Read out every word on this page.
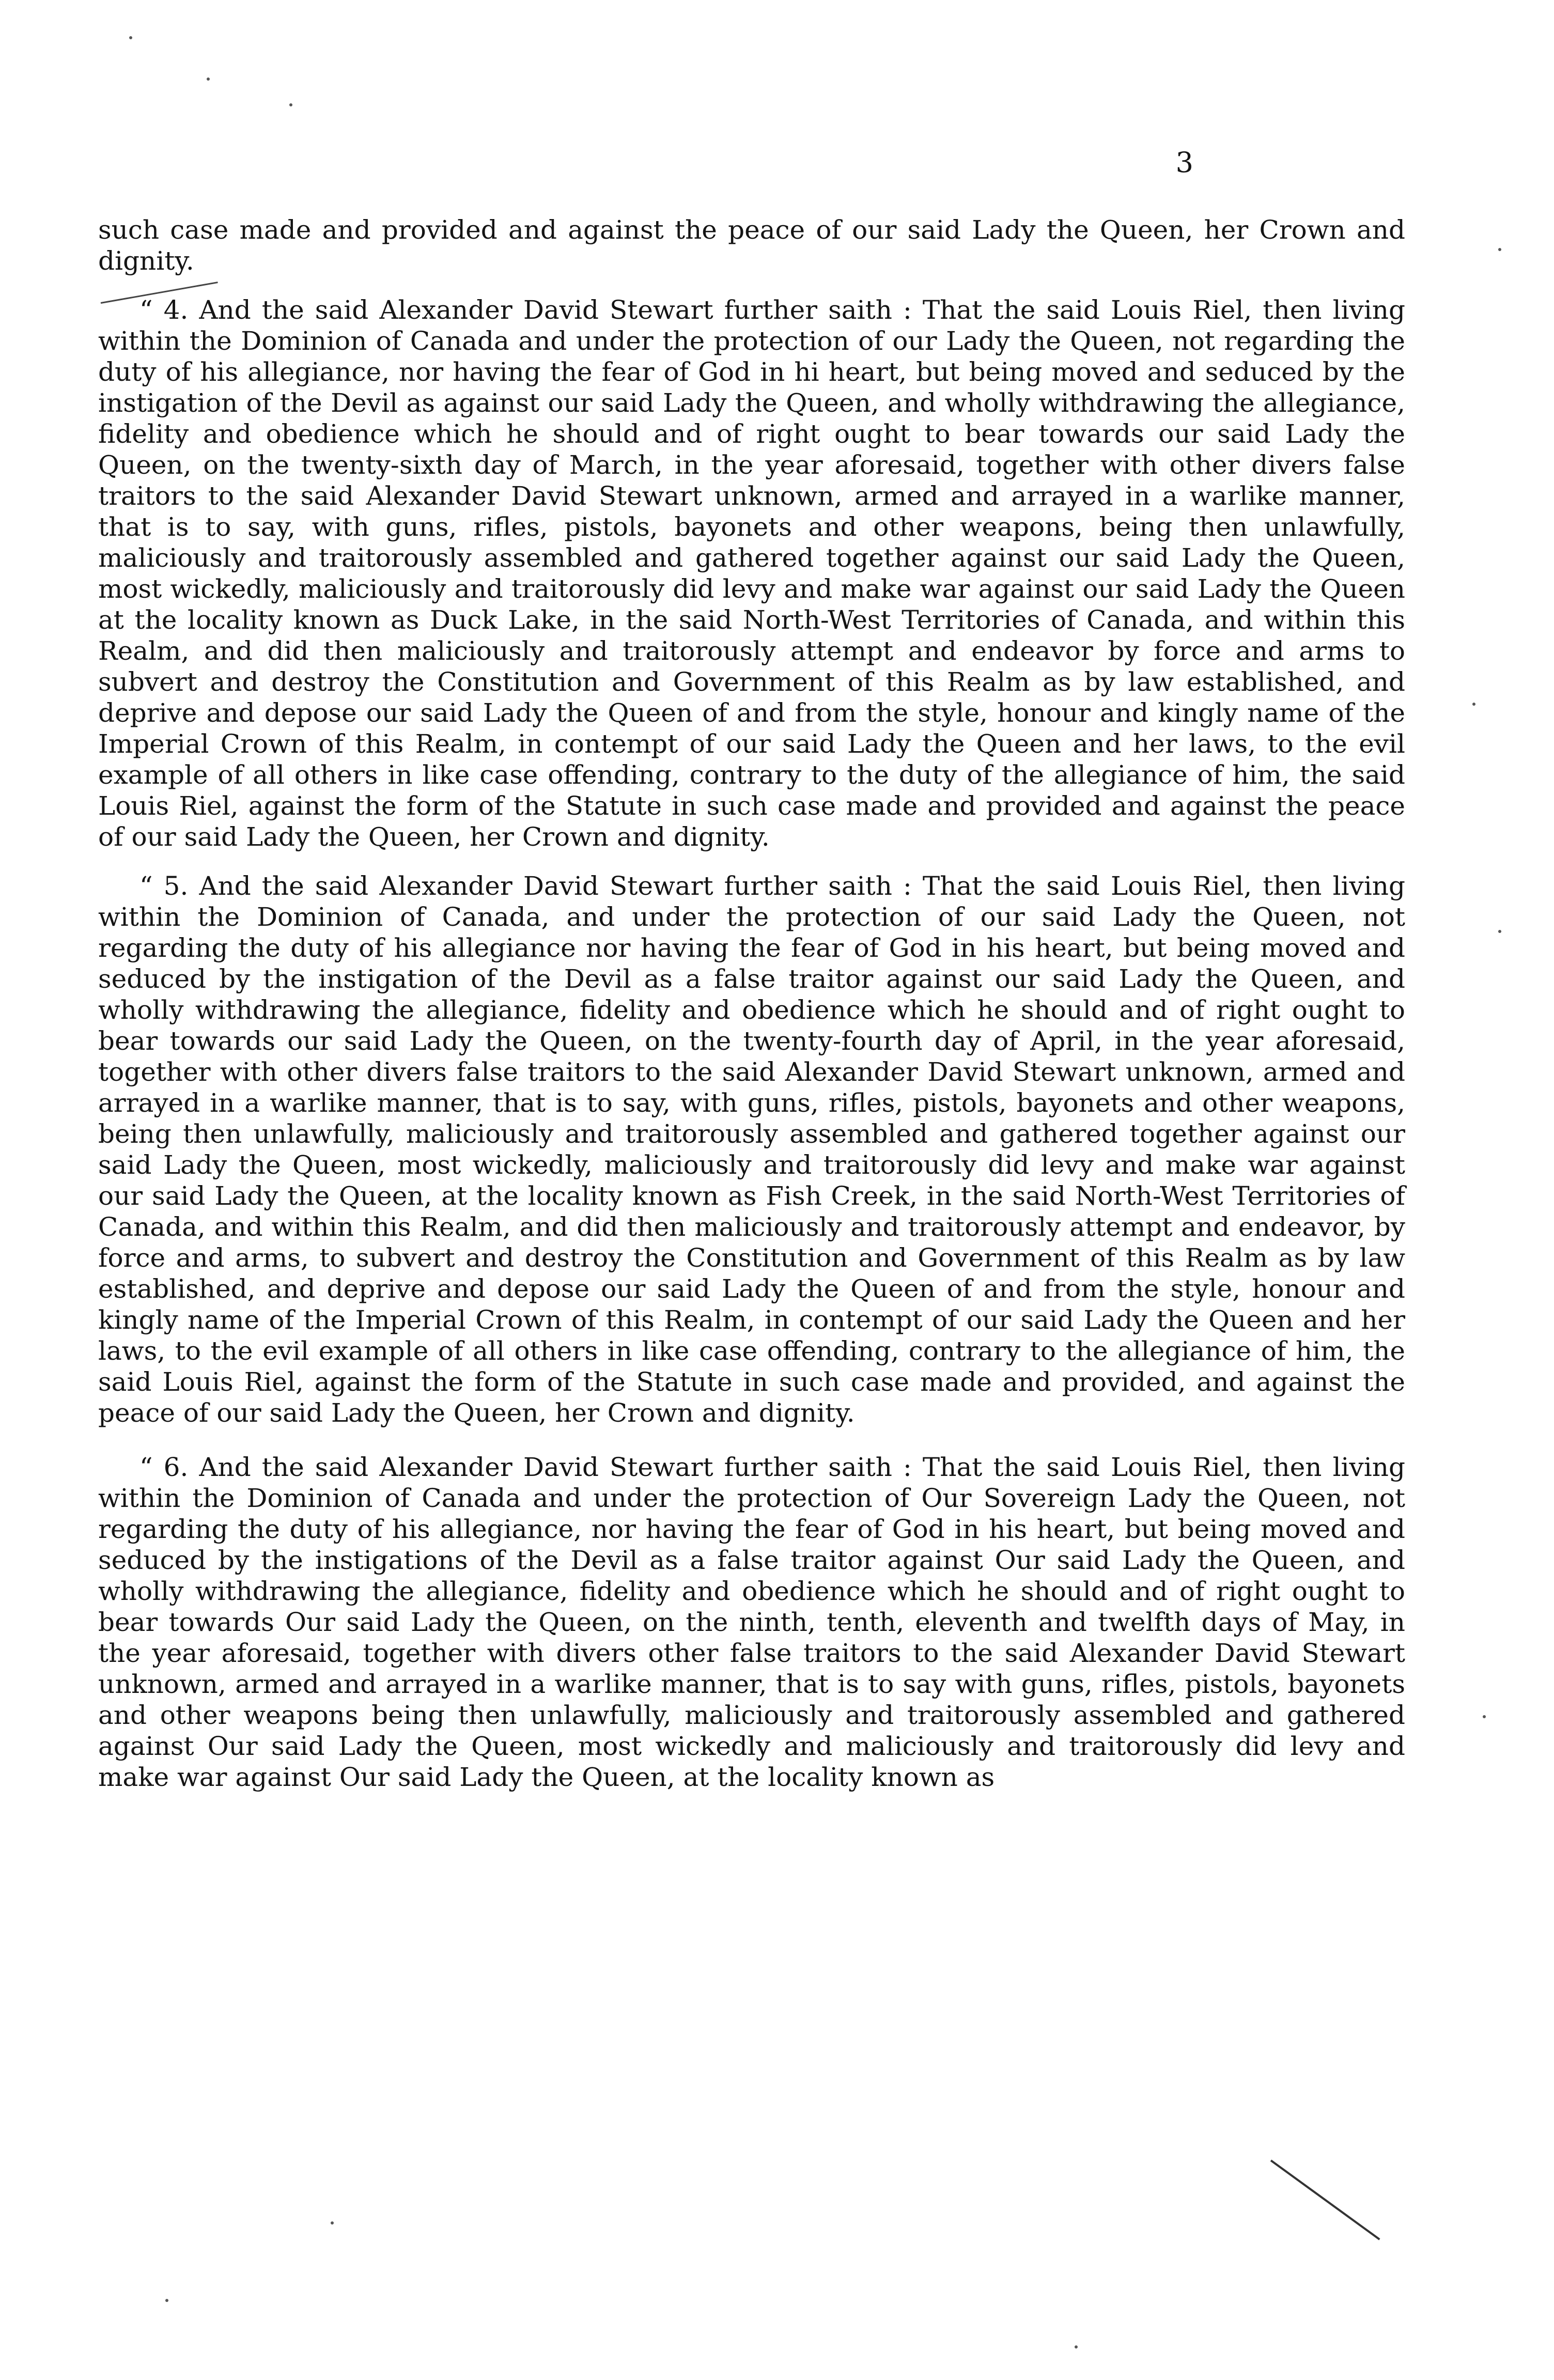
3

such case made and provided and against the peace of our said Lady the Queen, her Crown and dignity.

“ 4. And the said Alexander David Stewart further saith : That the said Louis Riel, then living within the Dominion of Canada and under the protection of our Lady the Queen, not regarding the duty of his allegiance, nor having the fear of God in hi heart, but being moved and seduced by the instigation of the Devil as against our said Lady the Queen, and wholly withdrawing the allegiance, fidelity and obedience which he should and of right ought to bear towards our said Lady the Queen, on the twenty-sixth day of March, in the year aforesaid, together with other divers false traitors to the said Alexander David Stewart unknown, armed and arrayed in a warlike manner, that is to say, with guns, rifles, pistols, bayonets and other weapons, being then unlawfully, maliciously and traitorously assembled and gathered together against our said Lady the Queen, most wickedly, maliciously and traitorously did levy and make war against our said Lady the Queen at the locality known as Duck Lake, in the said North-West Territories of Canada, and within this Realm, and did then maliciously and traitorously attempt and endeavor by force and arms to subvert and destroy the Constitution and Government of this Realm as by law established, and deprive and depose our said Lady the Queen of and from the style, honour and kingly name of the Imperial Crown of this Realm, in contempt of our said Lady the Queen and her laws, to the evil example of all others in like case offending, contrary to the duty of the allegiance of him, the said Louis Riel, against the form of the Statute in such case made and provided and against the peace of our said Lady the Queen, her Crown and dignity.

“ 5. And the said Alexander David Stewart further saith : That the said Louis Riel, then living within the Dominion of Canada, and under the protection of our said Lady the Queen, not regarding the duty of his allegiance nor having the fear of God in his heart, but being moved and seduced by the instigation of the Devil as a false traitor against our said Lady the Queen, and wholly withdrawing the allegiance, fidelity and obedience which he should and of right ought to bear towards our said Lady the Queen, on the twenty-fourth day of April, in the year aforesaid, together with other divers false traitors to the said Alexander David Stewart unknown, armed and arrayed in a warlike manner, that is to say, with guns, rifles, pistols, bayonets and other weapons, being then unlawfully, maliciously and traitorously assembled and gathered together against our said Lady the Queen, most wickedly, maliciously and traitorously did levy and make war against our said Lady the Queen, at the locality known as Fish Creek, in the said North-West Territories of Canada, and within this Realm, and did then maliciously and traitorously attempt and endeavor, by force and arms, to subvert and destroy the Constitution and Government of this Realm as by law established, and deprive and depose our said Lady the Queen of and from the style, honour and kingly name of the Imperial Crown of this Realm, in contempt of our said Lady the Queen and her laws, to the evil example of all others in like case offending, contrary to the allegiance of him, the said Louis Riel, against the form of the Statute in such case made and provided, and against the peace of our said Lady the Queen, her Crown and dignity.

“ 6. And the said Alexander David Stewart further saith : That the said Louis Riel, then living within the Dominion of Canada and under the protection of Our Sovereign Lady the Queen, not regarding the duty of his allegiance, nor having the fear of God in his heart, but being moved and seduced by the instigations of the Devil as a false traitor against Our said Lady the Queen, and wholly withdrawing the allegiance, fidelity and obedience which he should and of right ought to bear towards Our said Lady the Queen, on the ninth, tenth, eleventh and twelfth days of May, in the year aforesaid, together with divers other false traitors to the said Alexander David Stewart unknown, armed and arrayed in a warlike manner, that is to say with guns, rifles, pistols, bayonets and other weapons being then unlawfully, maliciously and traitorously assembled and gathered against Our said Lady the Queen, most wickedly and maliciously and traitorously did levy and make war against Our said Lady the Queen, at the locality known as
